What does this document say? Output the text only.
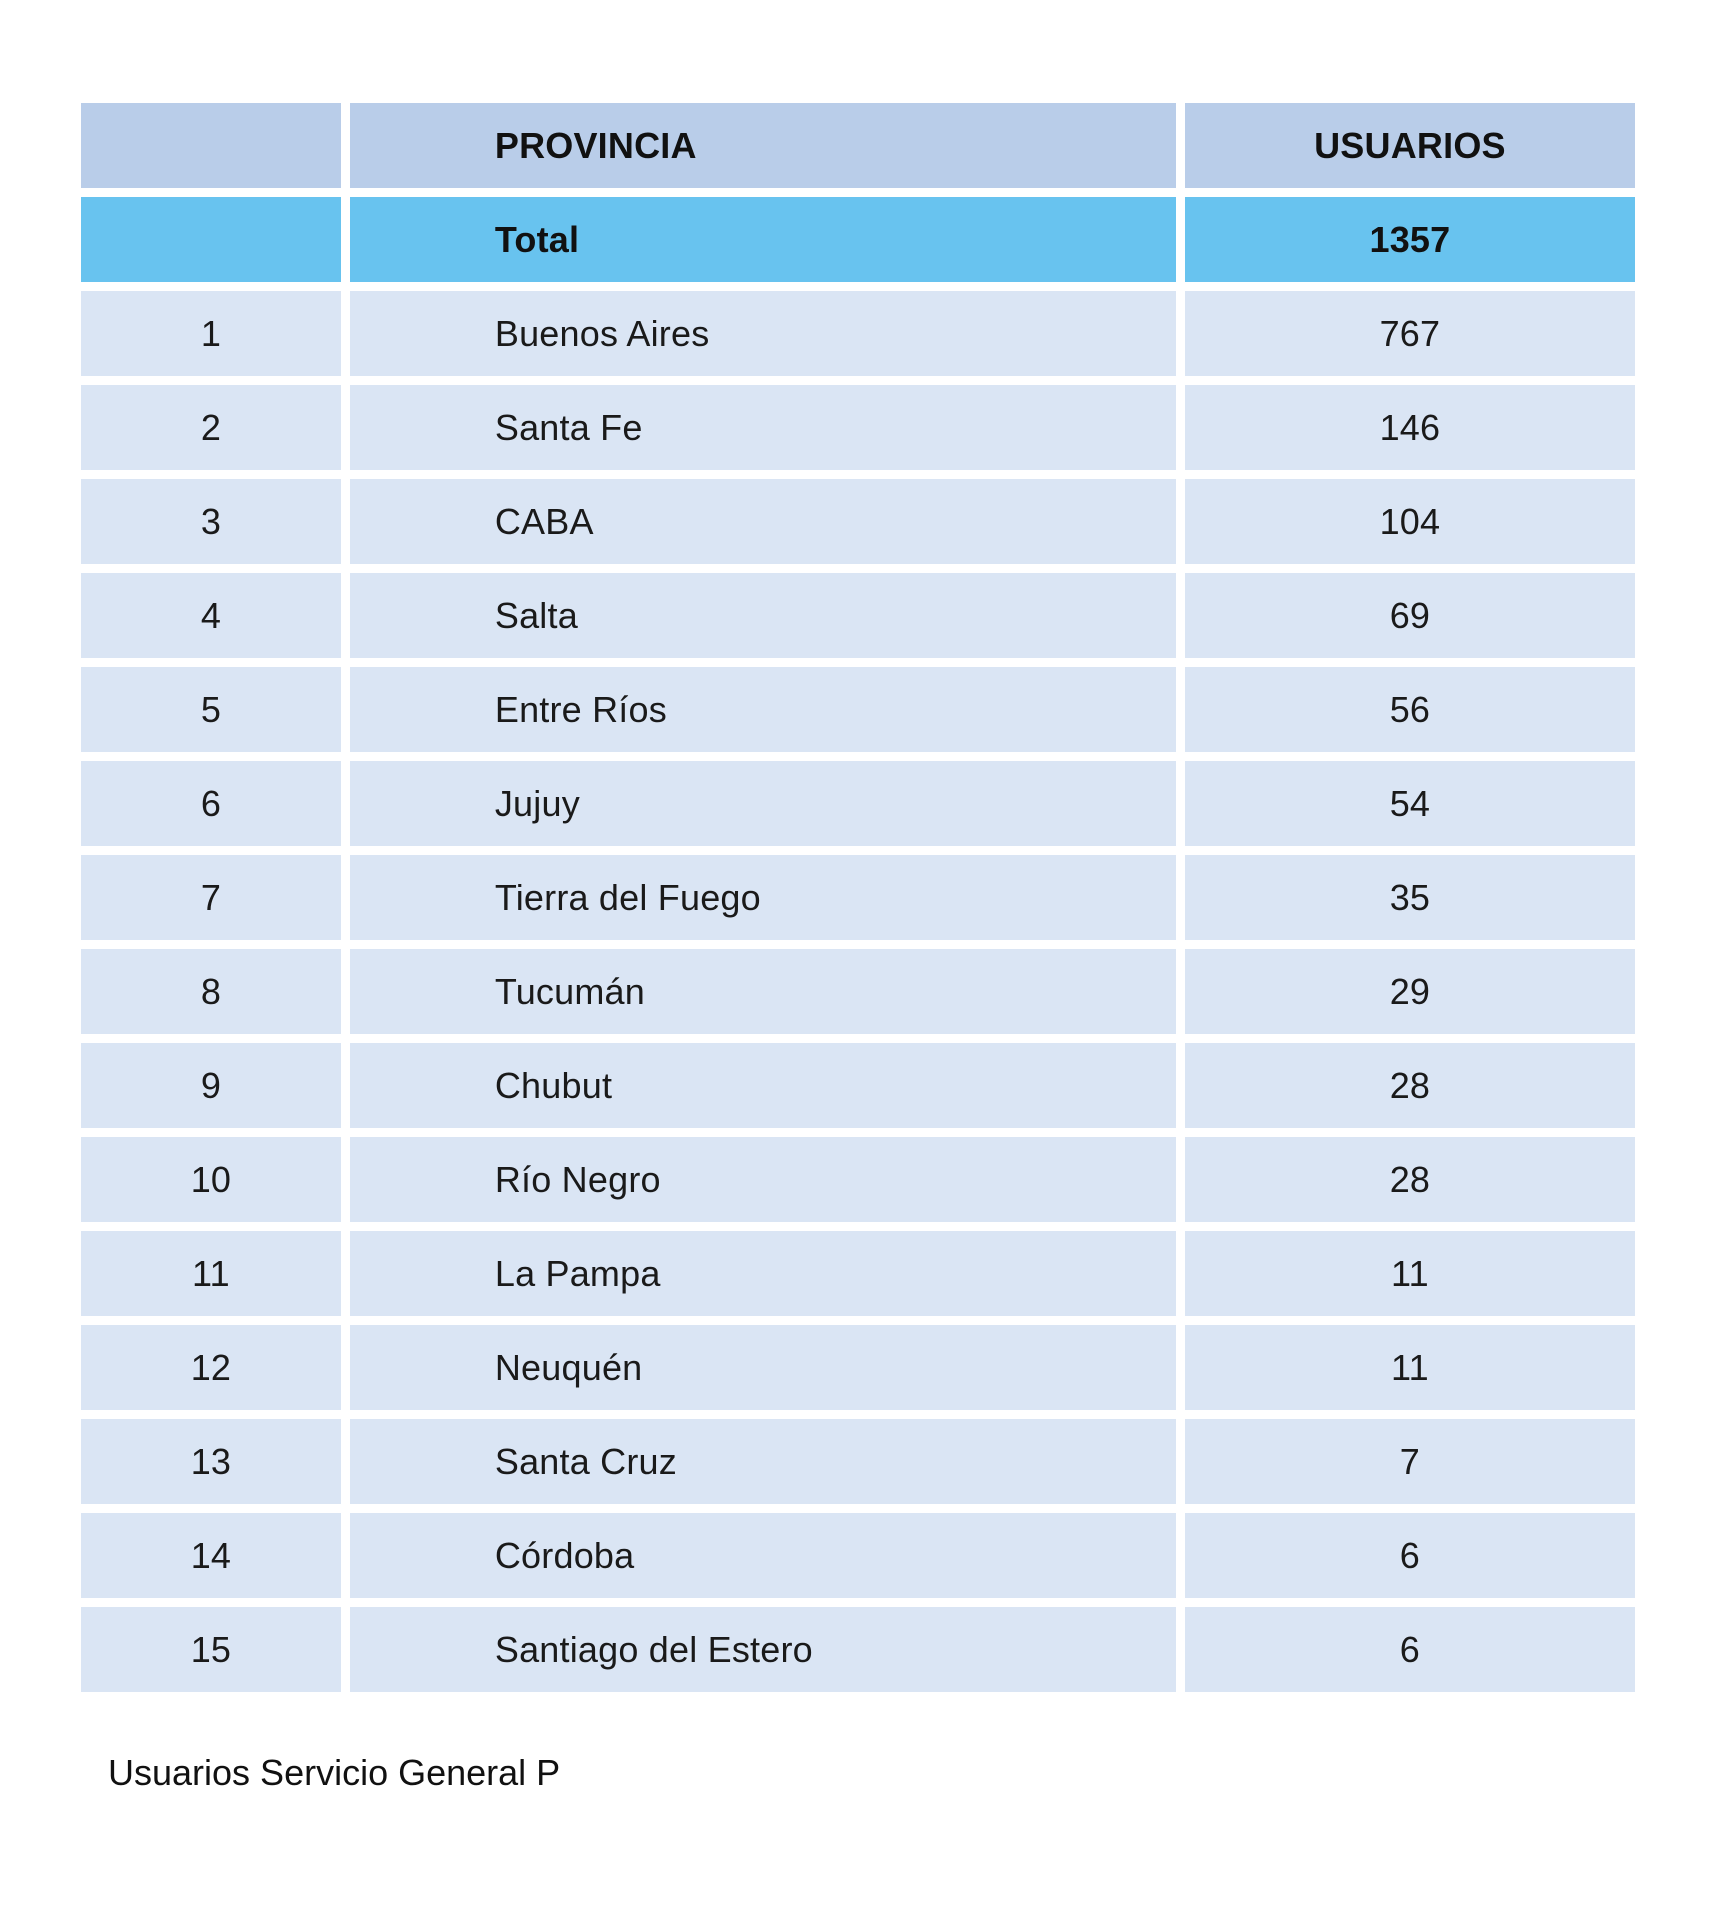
	PROVINCIA	USUARIOS
	Total	1357
1	Buenos Aires	767
2	Santa Fe	146
3	CABA	104
4	Salta	69
5	Entre Ríos	56
6	Jujuy	54
7	Tierra del Fuego	35
8	Tucumán	29
9	Chubut	28
10	Río Negro	28
11	La Pampa	11
12	Neuquén	11
13	Santa Cruz	7
14	Córdoba	6
15	Santiago del Estero	6
Usuarios Servicio General P
